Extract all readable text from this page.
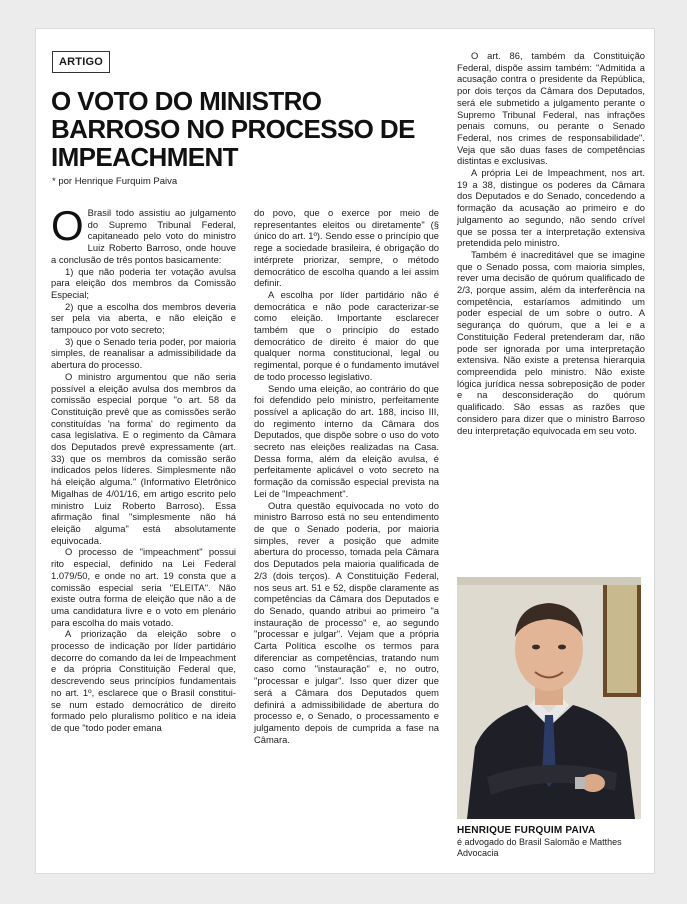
ARTIGO
O VOTO DO MINISTRO BARROSO NO PROCESSO DE IMPEACHMENT
* por Henrique Furquim Paiva

O Brasil todo assistiu ao julgamento do Supremo Tribunal Federal, capitaneado pelo voto do ministro Luiz Roberto Barroso, onde houve a conclusão de três pontos basicamente:

1) que não poderia ter votação avulsa para eleição dos membros da Comissão Especial;

2) que a escolha dos membros deveria ser pela via aberta, e não eleição e tampouco por voto secreto;

3) que o Senado teria poder, por maioria simples, de reanalisar a admissibilidade da abertura do processo.

O ministro argumentou que não seria possível a eleição avulsa dos membros da comissão especial porque "o art. 58 da Constituição prevê que as comissões serão constituídas 'na forma' do regimento da casa legislativa. E o regimento da Câmara dos Deputados prevê expressamente (art. 33) que os membros da comissão serão indicados pelos líderes. Simplesmente não há eleição alguma." (Informativo Eletrônico Migalhas de 4/01/16, em artigo escrito pelo ministro Luiz Roberto Barroso). Essa afirmação final "simplesmente não há eleição alguma" está absolutamente equivocada.

O processo de "impeachment" possui rito especial, definido na Lei Federal 1.079/50, e onde no art. 19 consta que a comissão especial seria "ELEITA". Não existe outra forma de eleição que não a de uma candidatura livre e o voto em plenário para escolha do mais votado.

A priorização da eleição sobre o processo de indicação por líder partidário decorre do comando da lei de Impeachment e da própria Constituição Federal que, descrevendo seus princípios fundamentais no art. 1º, esclarece que o Brasil constitui-se num estado democrático de direito formado pelo pluralismo político e na ideia de que "todo poder emana

do povo, que o exerce por meio de representantes eleitos ou diretamente" (§ único do art. 1º). Sendo esse o princípio que rege a sociedade brasileira, é obrigação do intérprete priorizar, sempre, o método democrático de escolha quando a lei assim definir.

A escolha por líder partidário não é democrática e não pode caracterizar-se como eleição. Importante esclarecer também que o princípio do estado democrático de direito é maior do que qualquer norma constitucional, legal ou regimental, porque é o fundamento imutável de todo processo legislativo.

Sendo uma eleição, ao contrário do que foi defendido pelo ministro, perfeitamente possível a aplicação do art. 188, inciso III, do regimento interno da Câmara dos Deputados, que dispõe sobre o uso do voto secreto nas eleições realizadas na Casa. Dessa forma, além da eleição avulsa, é perfeitamente aplicável o voto secreto na formação da comissão especial prevista na Lei de "Impeachment".

Outra questão equivocada no voto do ministro Barroso está no seu entendimento de que o Senado poderia, por maioria simples, rever a posição que admite abertura do processo, tomada pela Câmara dos Deputados pela maioria qualificada de 2/3 (dois terços). A Constituição Federal, nos seus art. 51 e 52, dispõe claramente as competências da Câmara dos Deputados e do Senado, quando atribui ao primeiro "a instauração de processo" e, ao segundo "processar e julgar". Vejam que a própria Carta Política escolhe os termos para diferenciar as competências, tratando num caso como "instauração" e, no outro, "processar e julgar". Isso quer dizer que será a Câmara dos Deputados quem definirá a admissibilidade de abertura do processo e, o Senado, o processamento e julgamento depois de cumprida a fase na Câmara.

O art. 86, também da Constituição Federal, dispõe assim também: "Admitida a acusação contra o presidente da República, por dois terços da Câmara dos Deputados, será ele submetido a julgamento perante o Supremo Tribunal Federal, nas infrações penais comuns, ou perante o Senado Federal, nos crimes de responsabilidade". Veja que são duas fases de competências distintas e exclusivas.

A própria Lei de Impeachment, nos art. 19 a 38, distingue os poderes da Câmara dos Deputados e do Senado, concedendo a formação da acusação ao primeiro e do julgamento ao segundo, não sendo crível que se possa ter a interpretação extensiva pretendida pelo ministro.

Também é inacreditável que se imagine que o Senado possa, com maioria simples, rever uma decisão de quórum qualificado de 2/3, porque assim, além da interferência na competência, estaríamos admitindo um poder especial de um sobre o outro. A segurança do quórum, que a lei e a Constituição Federal pretenderam dar, não pode ser ignorada por uma interpretação extensiva. Não existe a pretensa hierarquia compreendida pelo ministro. Não existe lógica jurídica nessa sobreposição de poder e na desconsideração do quórum qualificado. São essas as razões que considero para dizer que o ministro Barroso deu interpretação equivocada em seu voto.

HENRIQUE FURQUIM PAIVA
é advogado do Brasil Salomão e Matthes Advocacia
